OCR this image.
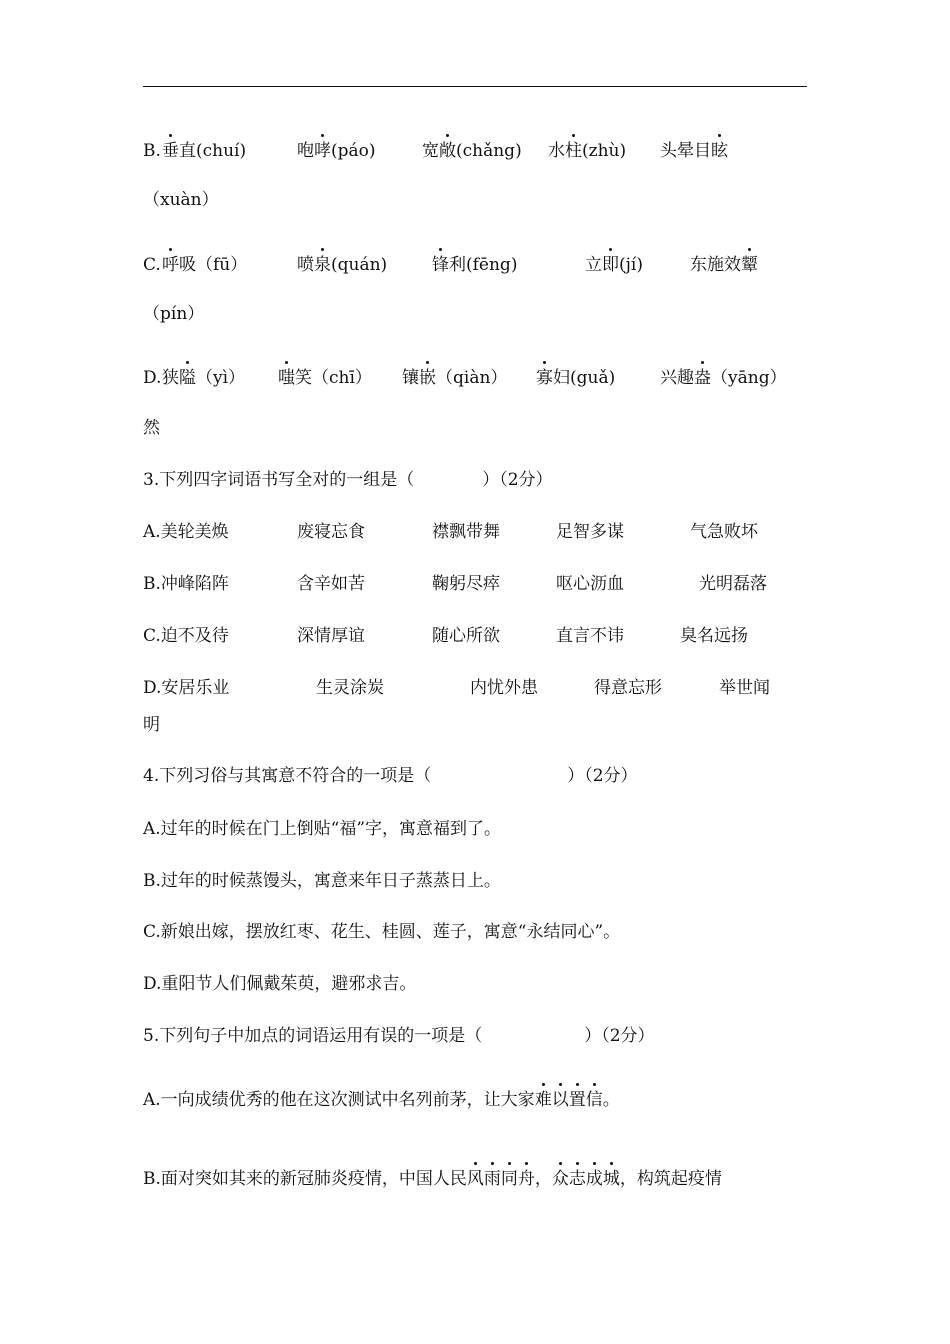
B. 垂直(chuí)	咆哮(páo)	宽敞(chǎng) 水柱(zhù) 头晕目眩
（xuàn）
C. 呼吸（fū）	喷泉(quán)	锋利(fēng)	立即(jí)	东施效颦
（pín）
D. 狭隘（yì） 嗤笑（chī） 镶嵌（qiàn） 寡妇(guǎ)	兴趣盎（yāng）
然
3.下列四字词语书写全对的一组是（　　　　）（2分）
A.美轮美焕	废寝忘食	襟飘带舞	足智多谋	气急败坏
B.冲峰陷阵	含辛如苦	鞠躬尽瘁	呕心沥血	光明磊落
C.迫不及待	深情厚谊	随心所欲	直言不讳	臭名远扬
D.安居乐业	生灵涂炭	内忧外患	得意忘形	举世闻
明
4.下列习俗与其寓意不符合的一项是（　　　　　　　　）（2分）
A.过年的时候在门上倒贴“福”字，寓意福到了。
B.过年的时候蒸馒头，寓意来年日子蒸蒸日上。
C.新娘出嫁，摆放红枣、花生、桂圆、莲子，寓意“永结同心”。
D.重阳节人们佩戴茱萸，避邪求吉。
5.下列句子中加点的词语运用有误的一项是（　　　　　　）（2分）
A.一向成绩优秀的他在这次测试中名列前茅，让大家难以置信。
B.面对突如其来的新冠肺炎疫情，中国人民风雨同舟，众志成城，构筑起疫情
